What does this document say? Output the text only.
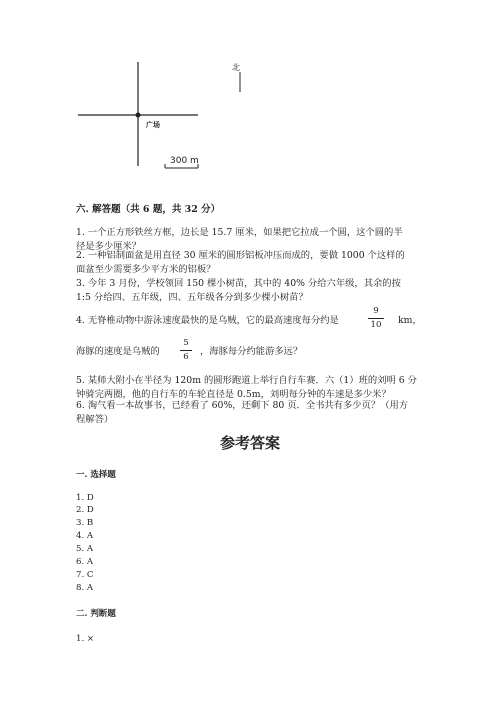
北
广场
300 m
六. 解答题（共 6 题，共 32 分）
1. 一个正方形铁丝方框，边长是 15.7 厘米，如果把它拉成一个圆，这个圆的半
径是多少厘米？
2. 一种铝制面盆是用直径 30 厘米的圆形铝板冲压而成的，要做 1000 个这样的
面盆至少需要多少平方米的铝板？
3. 今年 3 月份，学校领回 150 棵小树苗，其中的 40% 分给六年级，其余的按
1:5 分给四、五年级，四、五年级各分到多少棵小树苗？
4. 无脊椎动物中游泳速度最快的是乌贼，它的最高速度每分约是
9
10 km，
海豚的速度是乌贼的
5
6	，海豚每分约能游多远？
5. 某师大附小在半径为 120m 的圆形跑道上举行自行车赛．六（1）班的刘明 6 分
钟骑完两圈，他的自行车的车轮直径是 0.5m，刘明每分钟的车速是多少米？
6. 淘气看一本故事书，已经看了 60%，还剩下 80 页．全书共有多少页？（用方
程解答）
参考答案
一. 选择题
1. D
2. D
3. B
4. A
5. A
6. A
7. C
8. A
二. 判断题
1. ×
